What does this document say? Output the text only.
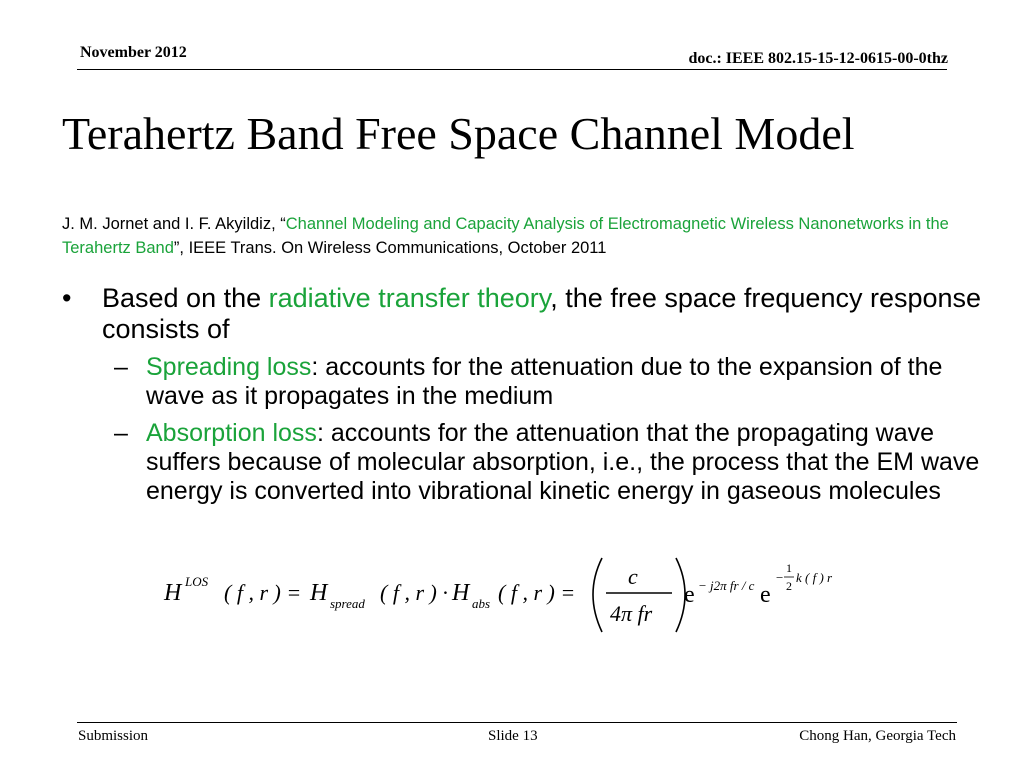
November 2012	doc.: IEEE 802.15-15-12-0615-00-0thz
Terahertz Band Free Space Channel Model
J. M. Jornet and I. F. Akyildiz, “Channel Modeling and Capacity Analysis of Electromagnetic Wireless Nanonetworks in the Terahertz Band”, IEEE Trans. On Wireless Communications, October 2011
• Based on the radiative transfer theory, the free space frequency response consists of
– Spreading loss: accounts for the attenuation due to the expansion of the wave as it propagates in the medium
– Absorption loss: accounts for the attenuation that the propagating wave suffers because of molecular absorption, i.e., the process that the EM wave energy is converted into vibrational kinetic energy in gaseous molecules
H LOS ( f , r ) = H spread ( f , r ) · H abs ( f , r ) =
c
4π fr
e − j2π fr / c e
−
1
2
k ( f ) r
Submission	Slide 13	Chong Han, Georgia Tech
